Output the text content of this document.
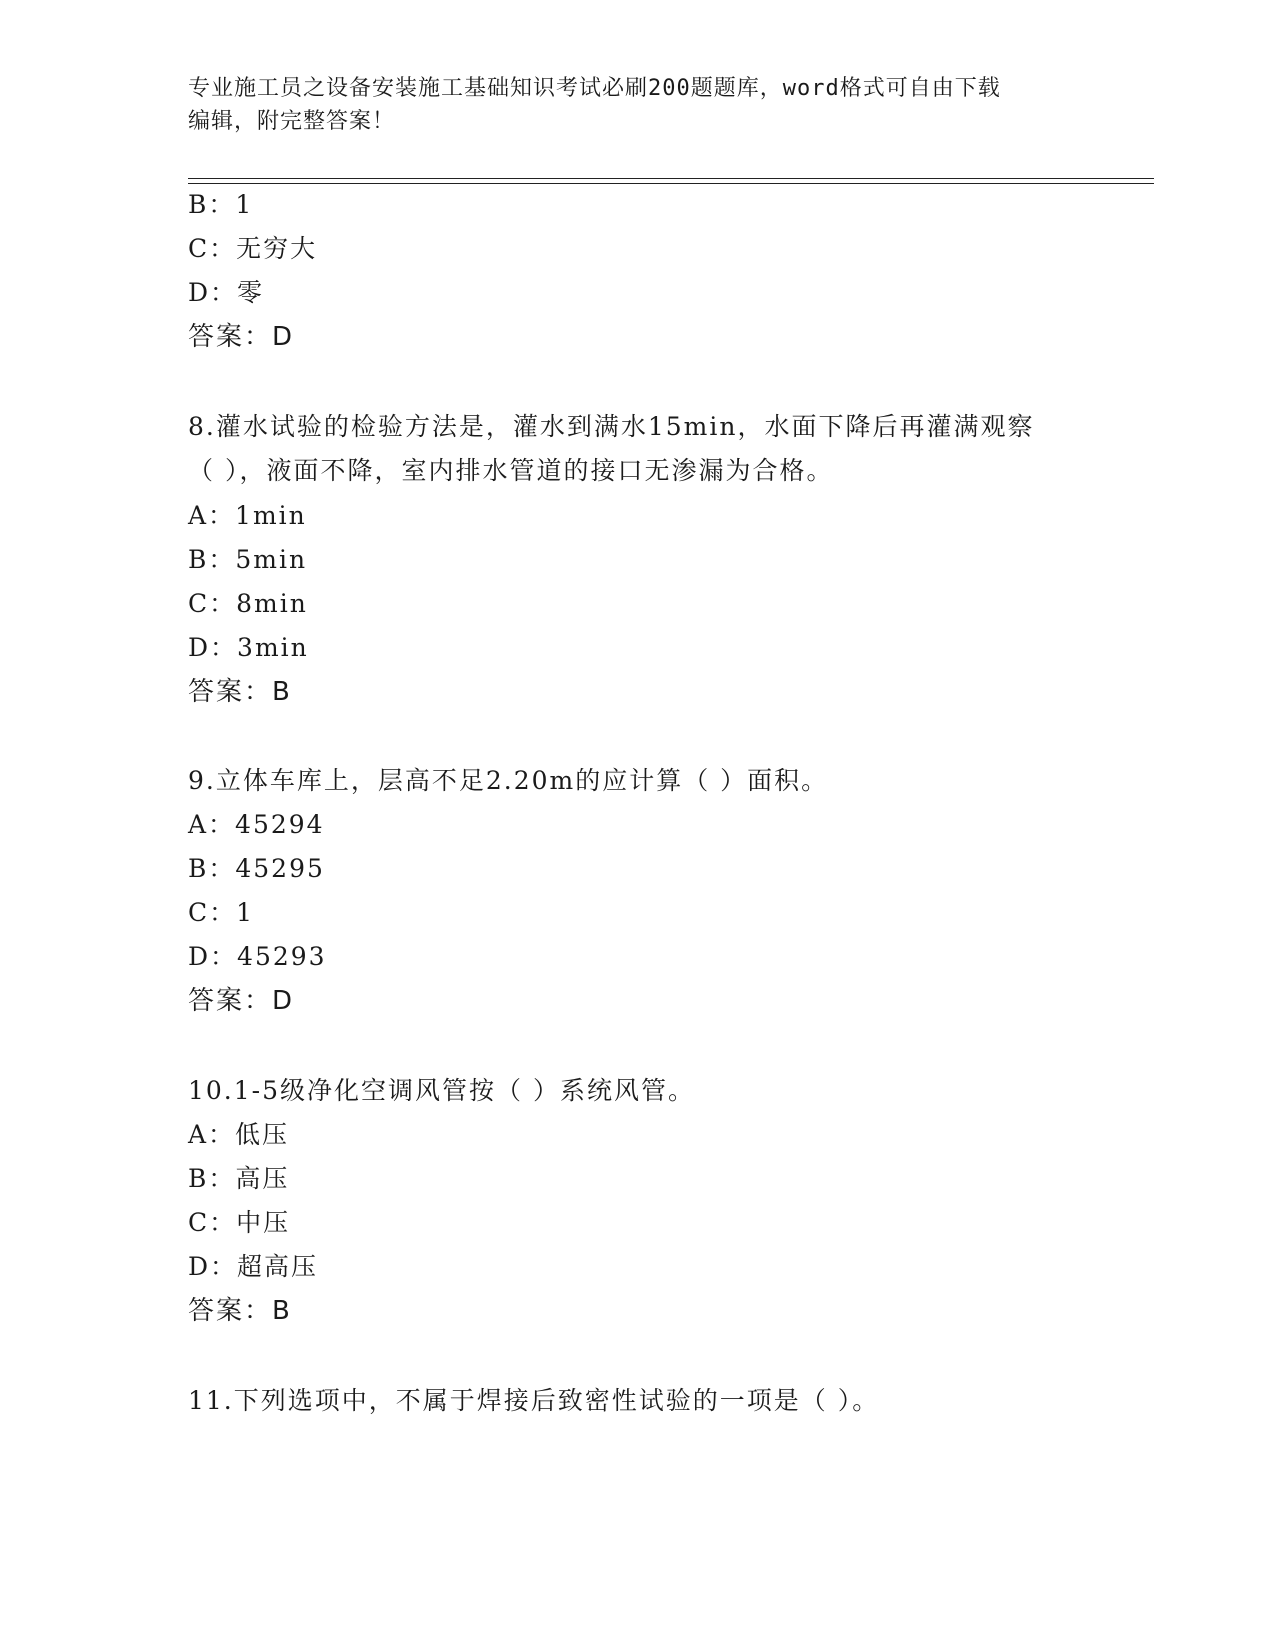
专业施工员之设备安装施工基础知识考试必刷200题题库，word格式可自由下载
编辑，附完整答案！
B：1
C：无穷大
D：零
答案：D
8.灌水试验的检验方法是，灌水到满水15min，水面下降后再灌满观察
（ ），液面不降，室内排水管道的接口无渗漏为合格。
A：1min
B：5min
C：8min
D：3min
答案：B
9.立体车库上，层高不足2.20m的应计算（ ）面积。
A：45294
B：45295
C：1
D：45293
答案：D
10.1-5级净化空调风管按（ ）系统风管。
A：低压
B：高压
C：中压
D：超高压
答案：B
11.下列选项中，不属于焊接后致密性试验的一项是（ ）。
